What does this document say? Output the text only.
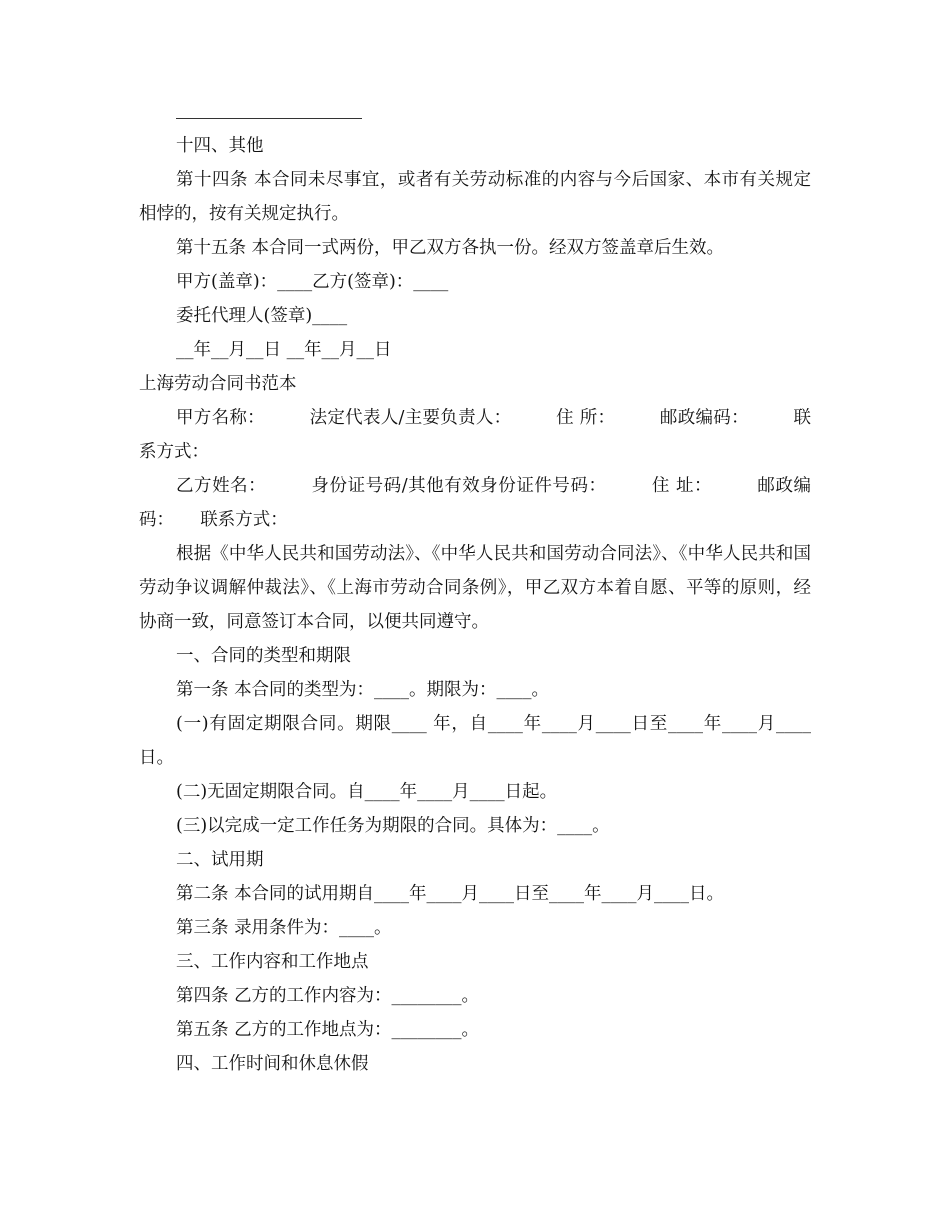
十四、其他

第十四条 本合同未尽事宜，或者有关劳动标准的内容与今后国家、本市有关规定相悖的，按有关规定执行。

第十五条 本合同一式两份，甲乙双方各执一份。经双方签盖章后生效。

甲方(盖章)：____乙方(签章)：____

委托代理人(签章)____

__年__月__日 __年__月__日

上海劳动合同书范本

甲方名称：　　　法定代表人/主要负责人：　　　住 所：　　　邮政编码：　　　联系方式：

乙方姓名：　　　身份证号码/其他有效身份证件号码：　　　住 址：　　　邮政编码：　　联系方式：

根据《中华人民共和国劳动法》、《中华人民共和国劳动合同法》、《中华人民共和国劳动争议调解仲裁法》、《上海市劳动合同条例》，甲乙双方本着自愿、平等的原则，经协商一致，同意签订本合同，以便共同遵守。

一、合同的类型和期限

第一条 本合同的类型为：____。期限为：____。

(一)有固定期限合同。期限____ 年，自____年____月____日至____年____月____日。

(二)无固定期限合同。自____年____月____日起。

(三)以完成一定工作任务为期限的合同。具体为：____。

二、试用期

第二条 本合同的试用期自____年____月____日至____年____月____日。

第三条 录用条件为：____。

三、工作内容和工作地点

第四条 乙方的工作内容为：________。

第五条 乙方的工作地点为：________。

四、工作时间和休息休假
